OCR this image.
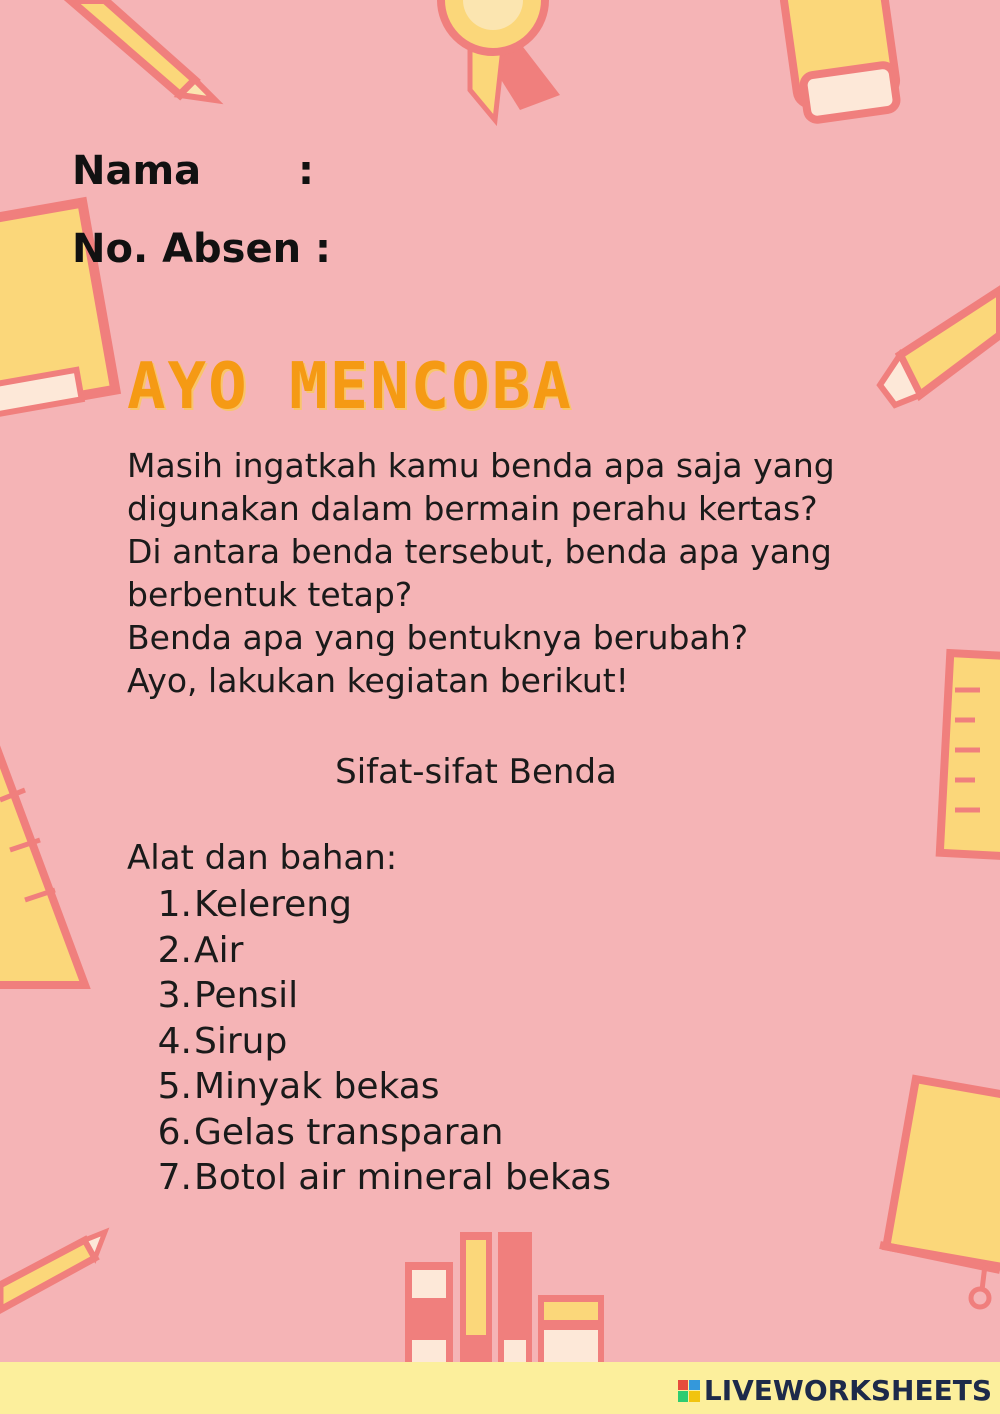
Nama :
No. Absen :
AYO MENCOBA
Masih ingatkah kamu benda apa saja yang
digunakan dalam bermain perahu kertas?
Di antara benda tersebut, benda apa yang
berbentuk tetap?
Benda apa yang bentuknya berubah?
Ayo, lakukan kegiatan berikut!
Sifat-sifat Benda
Alat dan bahan:
1. Kelereng
2. Air
3. Pensil
4. Sirup
5. Minyak bekas
6. Gelas transparan
7. Botol air mineral bekas
LIVEWORKSHEETS
